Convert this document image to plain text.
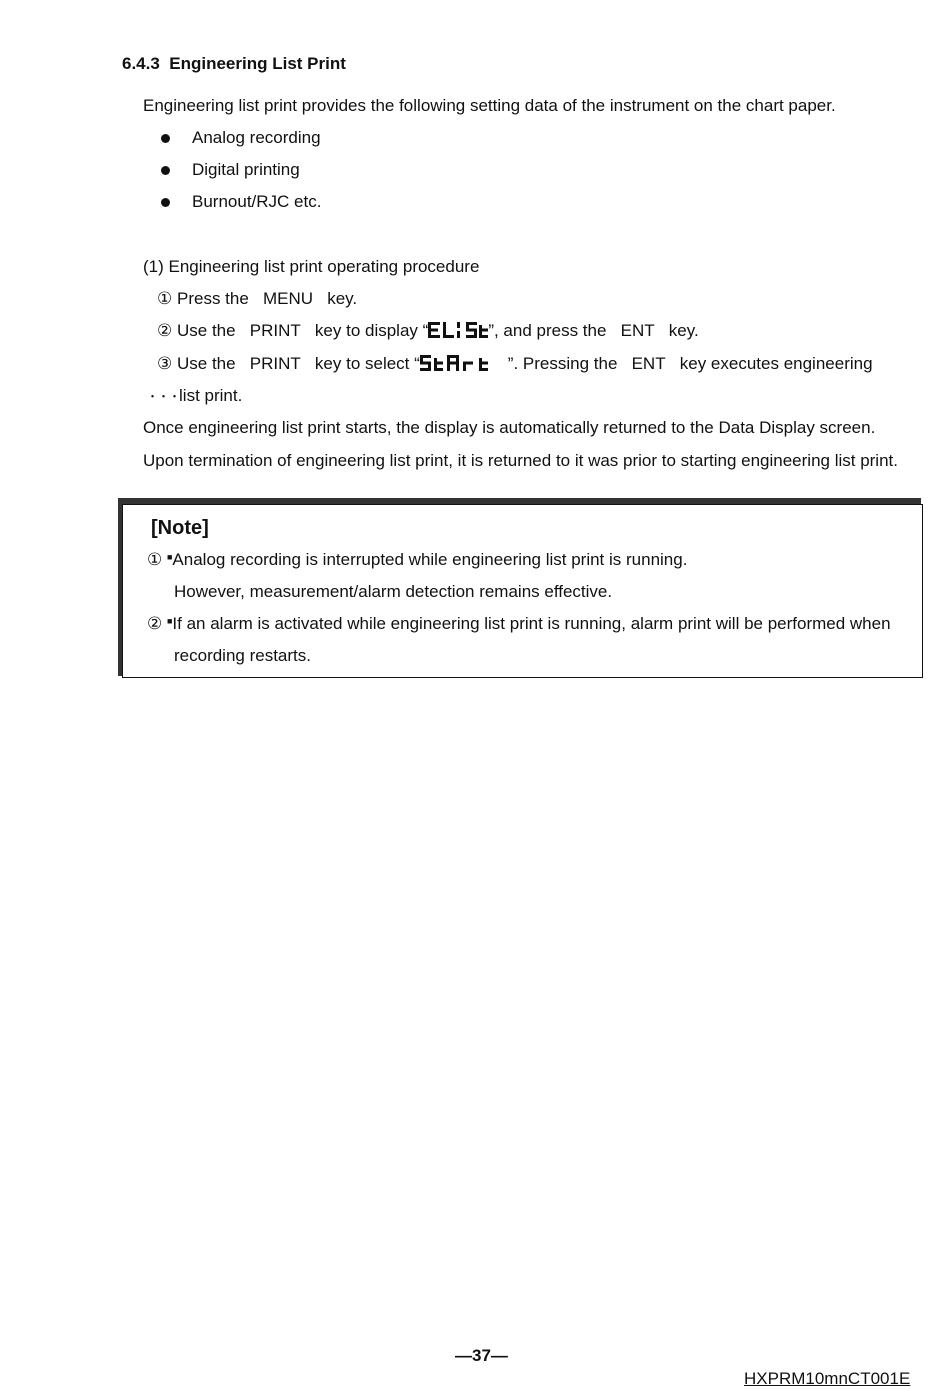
6.4.3 Engineering List Print
Engineering list print provides the following setting data of the instrument on the chart paper.
Analog recording
Digital printing
Burnout/RJC etc.
(1) Engineering list print operating procedure
① Press the MENU key.
② Use the PRINT key to display “	”, and press the ENT key.
③ Use the PRINT key to select “	”. Pressing the ENT key executes engineering
・・・list print.
Once engineering list print starts, the display is automatically returned to the Data Display screen.
Upon termination of engineering list print, it is returned to it was prior to starting engineering list print.
[Note]
① ■Analog recording is interrupted while engineering list print is running.
However, measurement/alarm detection remains effective.
② ■If an alarm is activated while engineering list print is running, alarm print will be performed when
recording restarts.
—37—
HXPRM10mnCT001E
